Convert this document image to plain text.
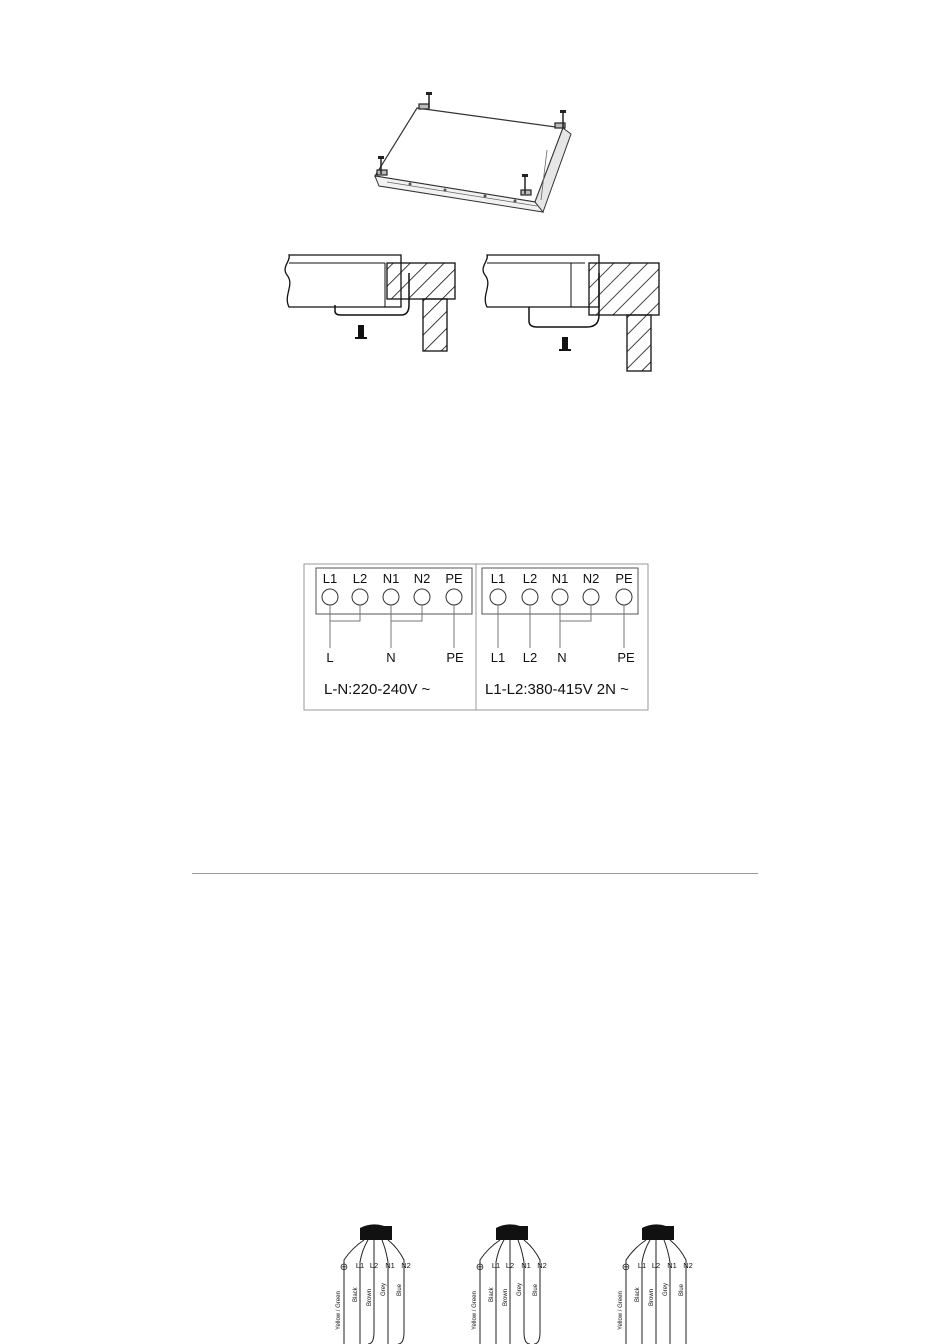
L1 L2 N1 N2 PE
L	N	PE
L-N:220-240V ~
L1 L2 N1 N2 PE
L1 L2 N	PE
L1-L2:380-415V 2N ~
⊕ L1 L2 N1 N2
Yellow / Green Black Brown Grey Blue
⊕ L1 L2 N1 N2
Yellow / Green Black Brown Grey Blue
⊕ L1 L2 N1 N2
Yellow / Green Black Brown Grey Blue
